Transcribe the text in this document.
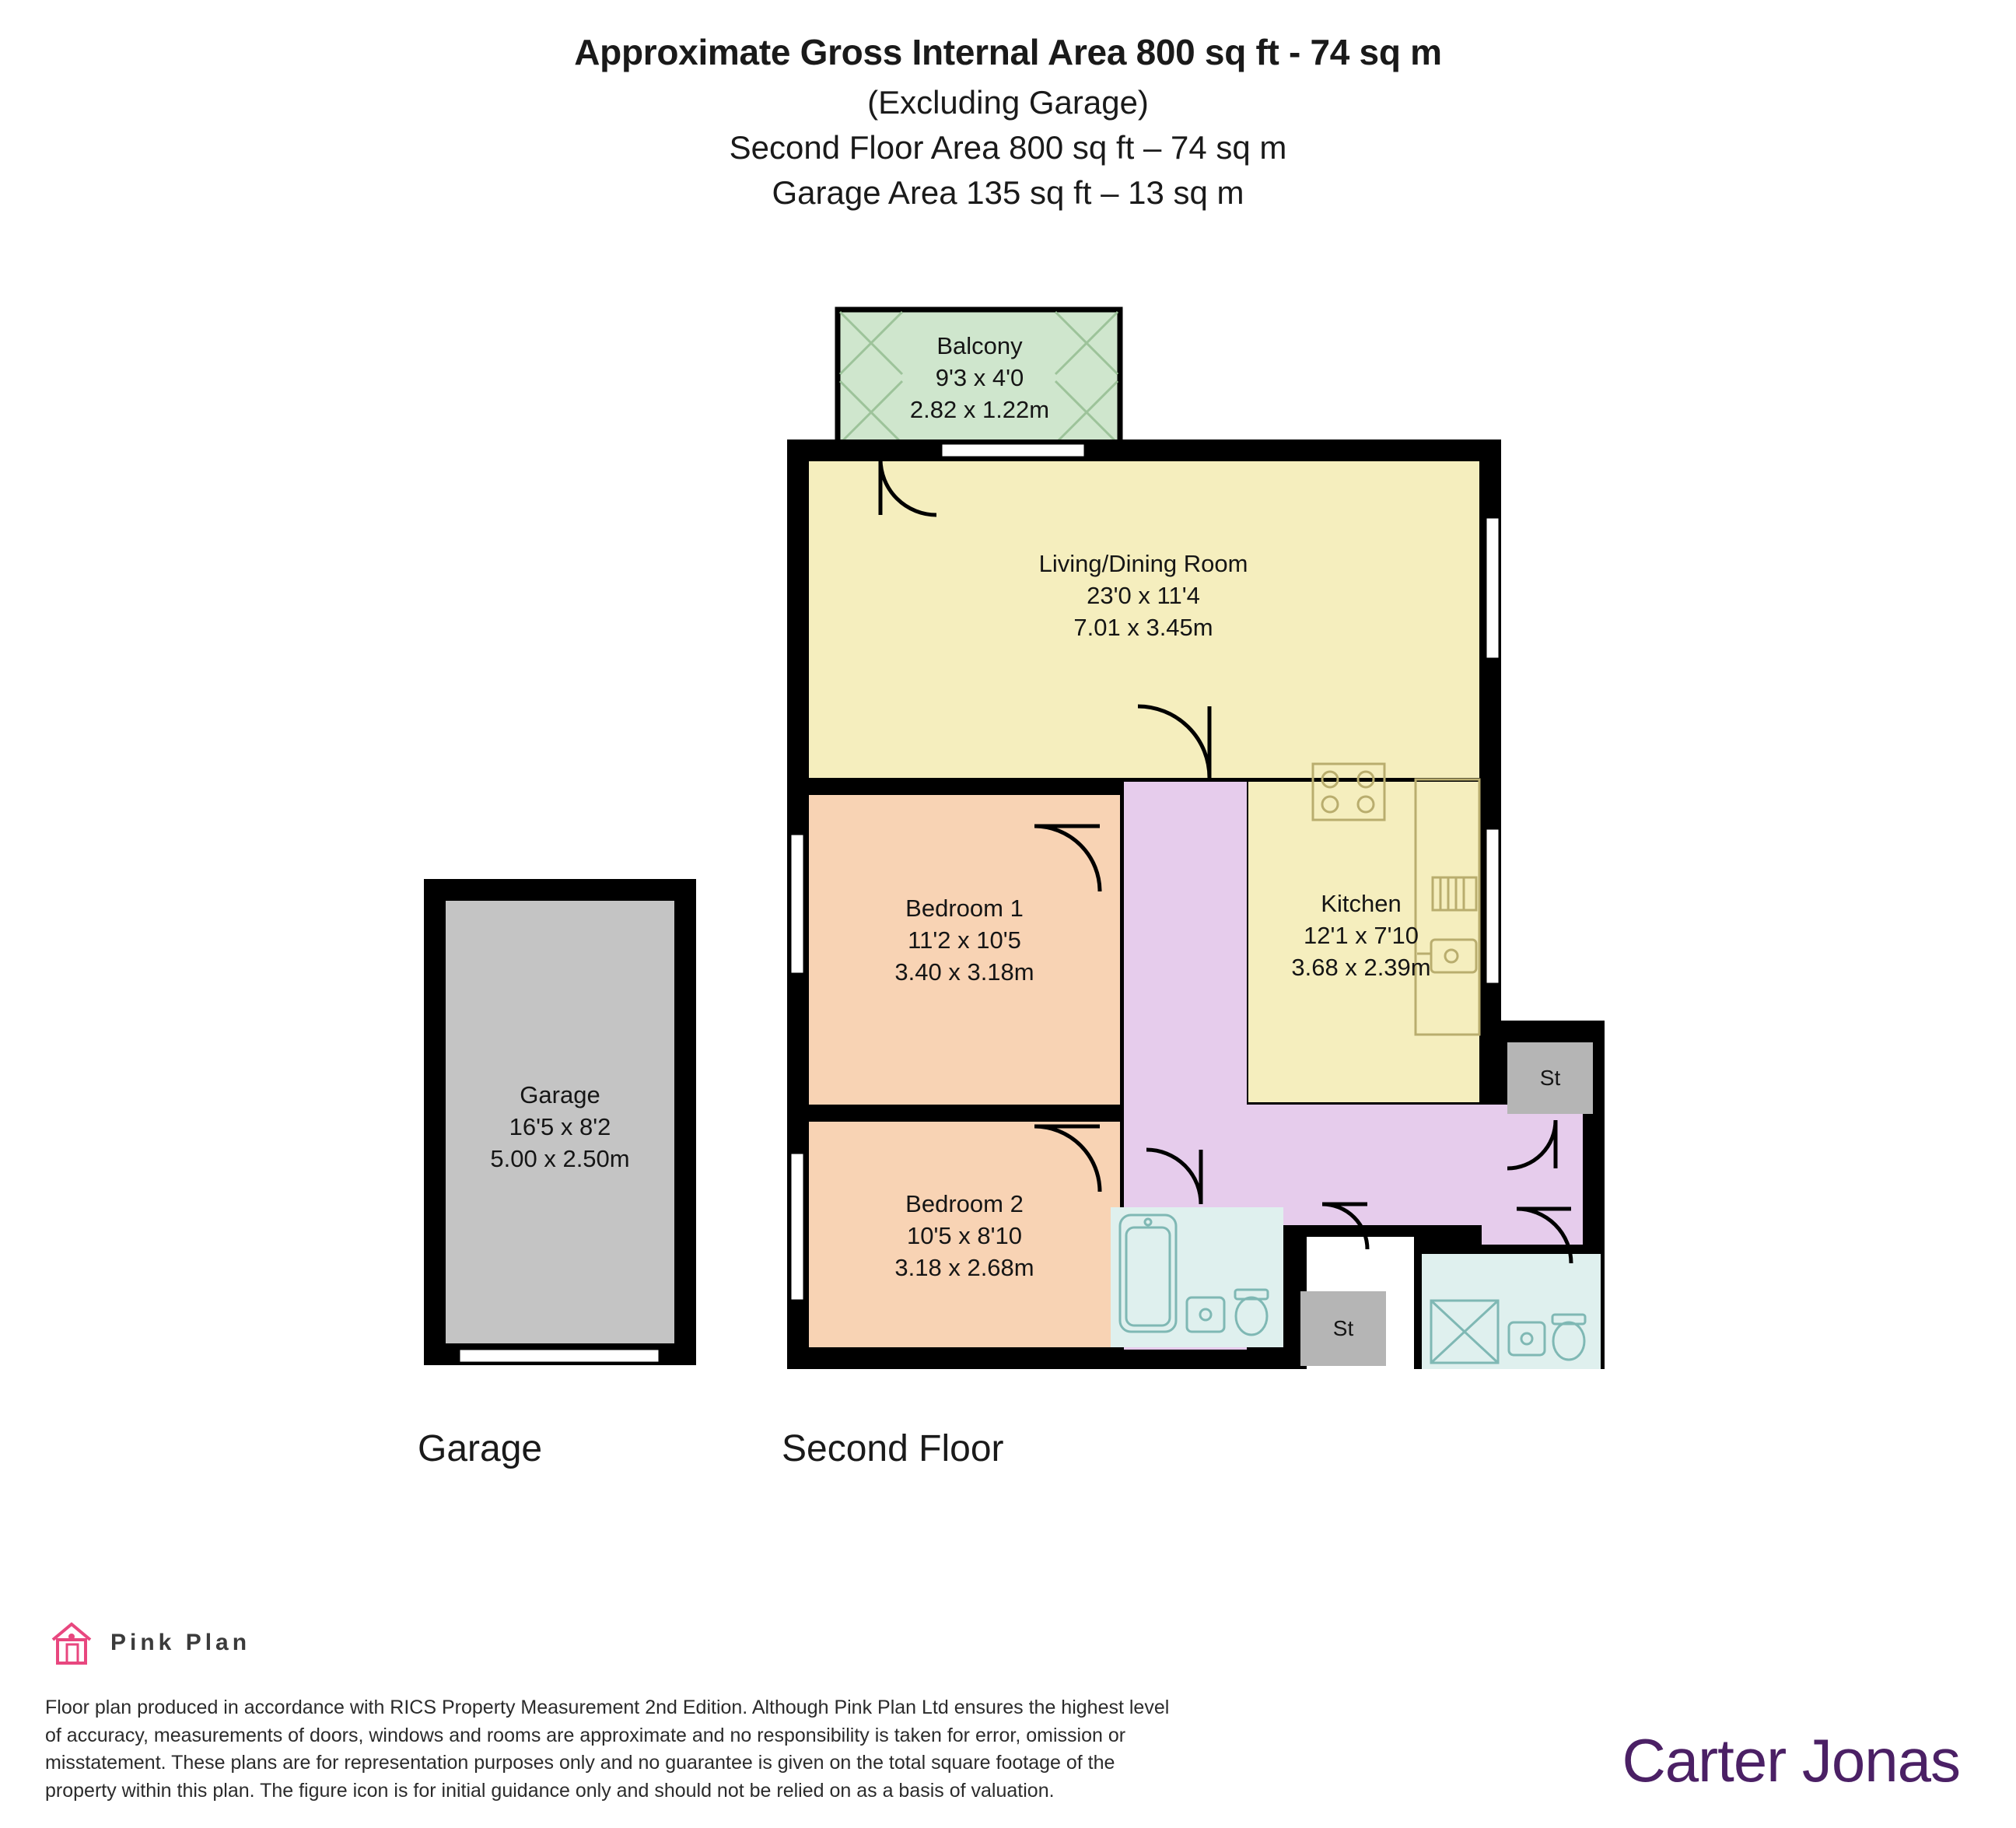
Approximate Gross Internal Area 800 sq ft - 74 sq m
(Excluding Garage)
Second Floor Area 800 sq ft – 74 sq m
Garage Area 135 sq ft – 13 sq m
Balcony
9'3 x 4'0
2.82 x 1.22m
Living/Dining Room
23'0 x 11'4
7.01 x 3.45m
Kitchen
12'1 x 7'10
3.68 x 2.39m
Bedroom 1
11'2 x 10'5
3.40 x 3.18m
Bedroom 2
10'5 x 8'10
3.18 x 2.68m
Garage
16'5 x 8'2
5.00 x 2.50m
St
St
Garage	Second Floor
Pink Plan
Floor plan produced in accordance with RICS Property Measurement 2nd Edition. Although Pink Plan Ltd ensures the highest level of accuracy, measurements of doors, windows and rooms are approximate and no responsibility is taken for error, omission or misstatement. These plans are for representation purposes only and no guarantee is given on the total square footage of the property within this plan. The figure icon is for initial guidance only and should not be relied on as a basis of valuation.	Carter Jonas
